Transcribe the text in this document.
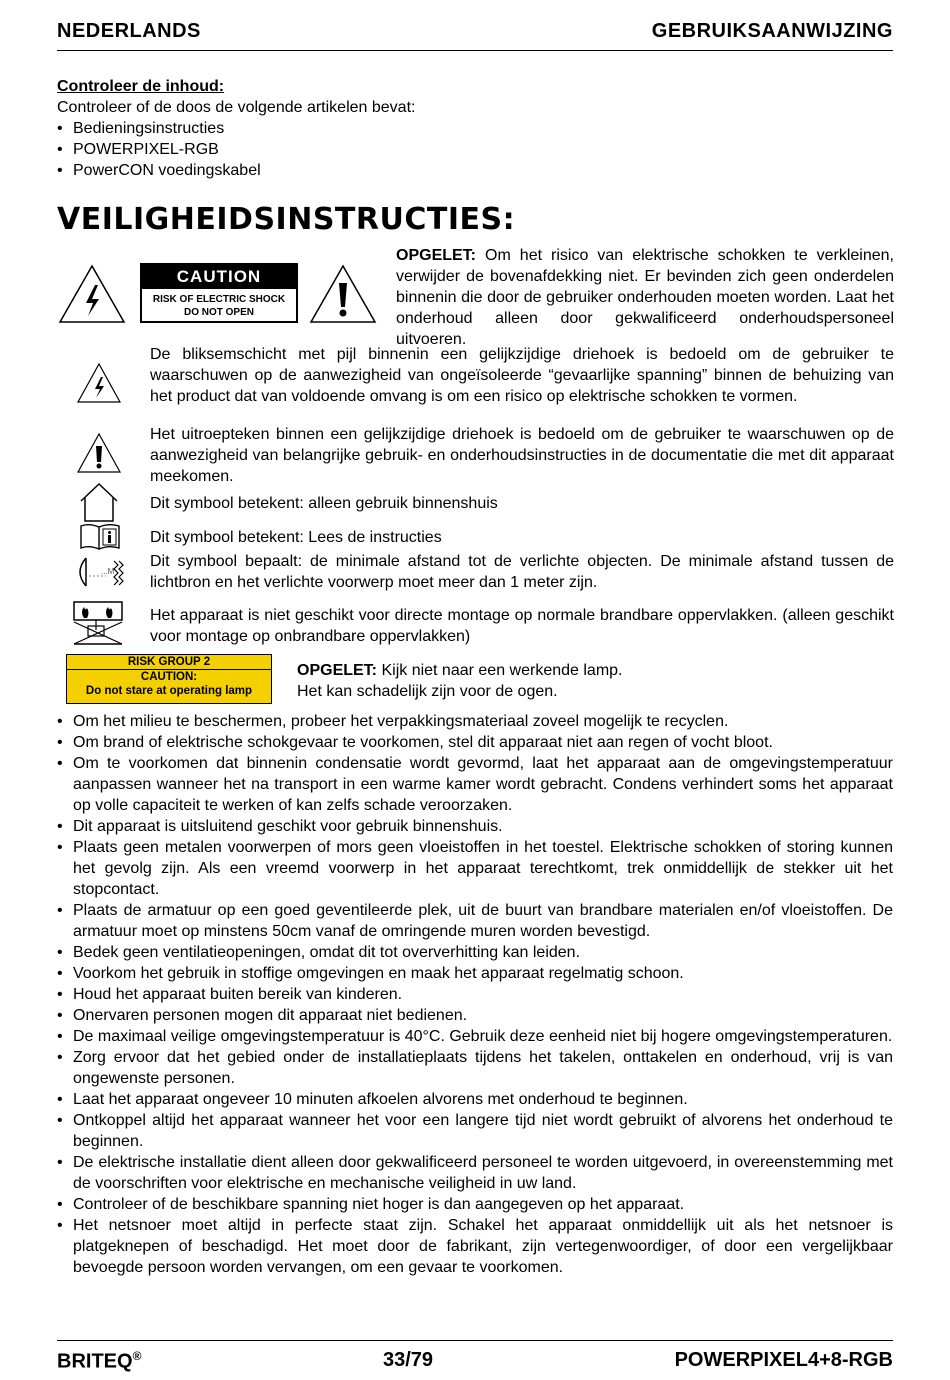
NEDERLANDS	GEBRUIKSAANWIJZING
Controleer de inhoud:
Controleer of de doos de volgende artikelen bevat:
• Bedieningsinstructies
• POWERPIXEL-RGB
• PowerCON voedingskabel
VEILIGHEIDSINSTRUCTIES:
CAUTION
RISK OF ELECTRIC SHOCK
DO NOT OPEN
OPGELET: Om het risico van elektrische schokken te verkleinen, verwijder de bovenafdekking niet. Er bevinden zich geen onderdelen binnenin die door de gebruiker onderhouden moeten worden. Laat het onderhoud alleen door gekwalificeerd onderhoudspersoneel uitvoeren.
De bliksemschicht met pijl binnenin een gelijkzijdige driehoek is bedoeld om de gebruiker te waarschuwen op de aanwezigheid van ongeïsoleerde “gevaarlijke spanning” binnen de behuizing van het product dat van voldoende omvang is om een risico op elektrische schokken te vormen.
Het uitroepteken binnen een gelijkzijdige driehoek is bedoeld om de gebruiker te waarschuwen op de aanwezigheid van belangrijke gebruik- en onderhoudsinstructies in de documentatie die met dit apparaat meekomen.
Dit symbool betekent: alleen gebruik binnenshuis
Dit symbool betekent: Lees de instructies
...M
Dit symbool bepaalt: de minimale afstand tot de verlichte objecten. De minimale afstand tussen de lichtbron en het verlichte voorwerp moet meer dan 1 meter zijn.
Het apparaat is niet geschikt voor directe montage op normale brandbare oppervlakken. (alleen geschikt voor montage op onbrandbare oppervlakken)
RISK GROUP 2
CAUTION:
Do not stare at operating lamp
OPGELET: Kijk niet naar een werkende lamp.
Het kan schadelijk zijn voor de ogen.
• Om het milieu te beschermen, probeer het verpakkingsmateriaal zoveel mogelijk te recyclen.
• Om brand of elektrische schokgevaar te voorkomen, stel dit apparaat niet aan regen of vocht bloot.
• Om te voorkomen dat binnenin condensatie wordt gevormd, laat het apparaat aan de omgevingstemperatuur aanpassen wanneer het na transport in een warme kamer wordt gebracht. Condens verhindert soms het apparaat op volle capaciteit te werken of kan zelfs schade veroorzaken.
• Dit apparaat is uitsluitend geschikt voor gebruik binnenshuis.
• Plaats geen metalen voorwerpen of mors geen vloeistoffen in het toestel. Elektrische schokken of storing kunnen het gevolg zijn. Als een vreemd voorwerp in het apparaat terechtkomt, trek onmiddellijk de stekker uit het stopcontact.
• Plaats de armatuur op een goed geventileerde plek, uit de buurt van brandbare materialen en/of vloeistoffen. De armatuur moet op minstens 50cm vanaf de omringende muren worden bevestigd.
• Bedek geen ventilatieopeningen, omdat dit tot oververhitting kan leiden.
• Voorkom het gebruik in stoffige omgevingen en maak het apparaat regelmatig schoon.
• Houd het apparaat buiten bereik van kinderen.
• Onervaren personen mogen dit apparaat niet bedienen.
• De maximaal veilige omgevingstemperatuur is 40°C. Gebruik deze eenheid niet bij hogere omgevingstemperaturen.
• Zorg ervoor dat het gebied onder de installatieplaats tijdens het takelen, onttakelen en onderhoud, vrij is van ongewenste personen.
• Laat het apparaat ongeveer 10 minuten afkoelen alvorens met onderhoud te beginnen.
• Ontkoppel altijd het apparaat wanneer het voor een langere tijd niet wordt gebruikt of alvorens het onderhoud te beginnen.
• De elektrische installatie dient alleen door gekwalificeerd personeel te worden uitgevoerd, in overeenstemming met de voorschriften voor elektrische en mechanische veiligheid in uw land.
• Controleer of de beschikbare spanning niet hoger is dan aangegeven op het apparaat.
• Het netsnoer moet altijd in perfecte staat zijn. Schakel het apparaat onmiddellijk uit als het netsnoer is platgeknepen of beschadigd. Het moet door de fabrikant, zijn vertegenwoordiger, of door een vergelijkbaar bevoegde persoon worden vervangen, om een gevaar te voorkomen.
BRITEQ®	33/79	POWERPIXEL4+8-RGB
